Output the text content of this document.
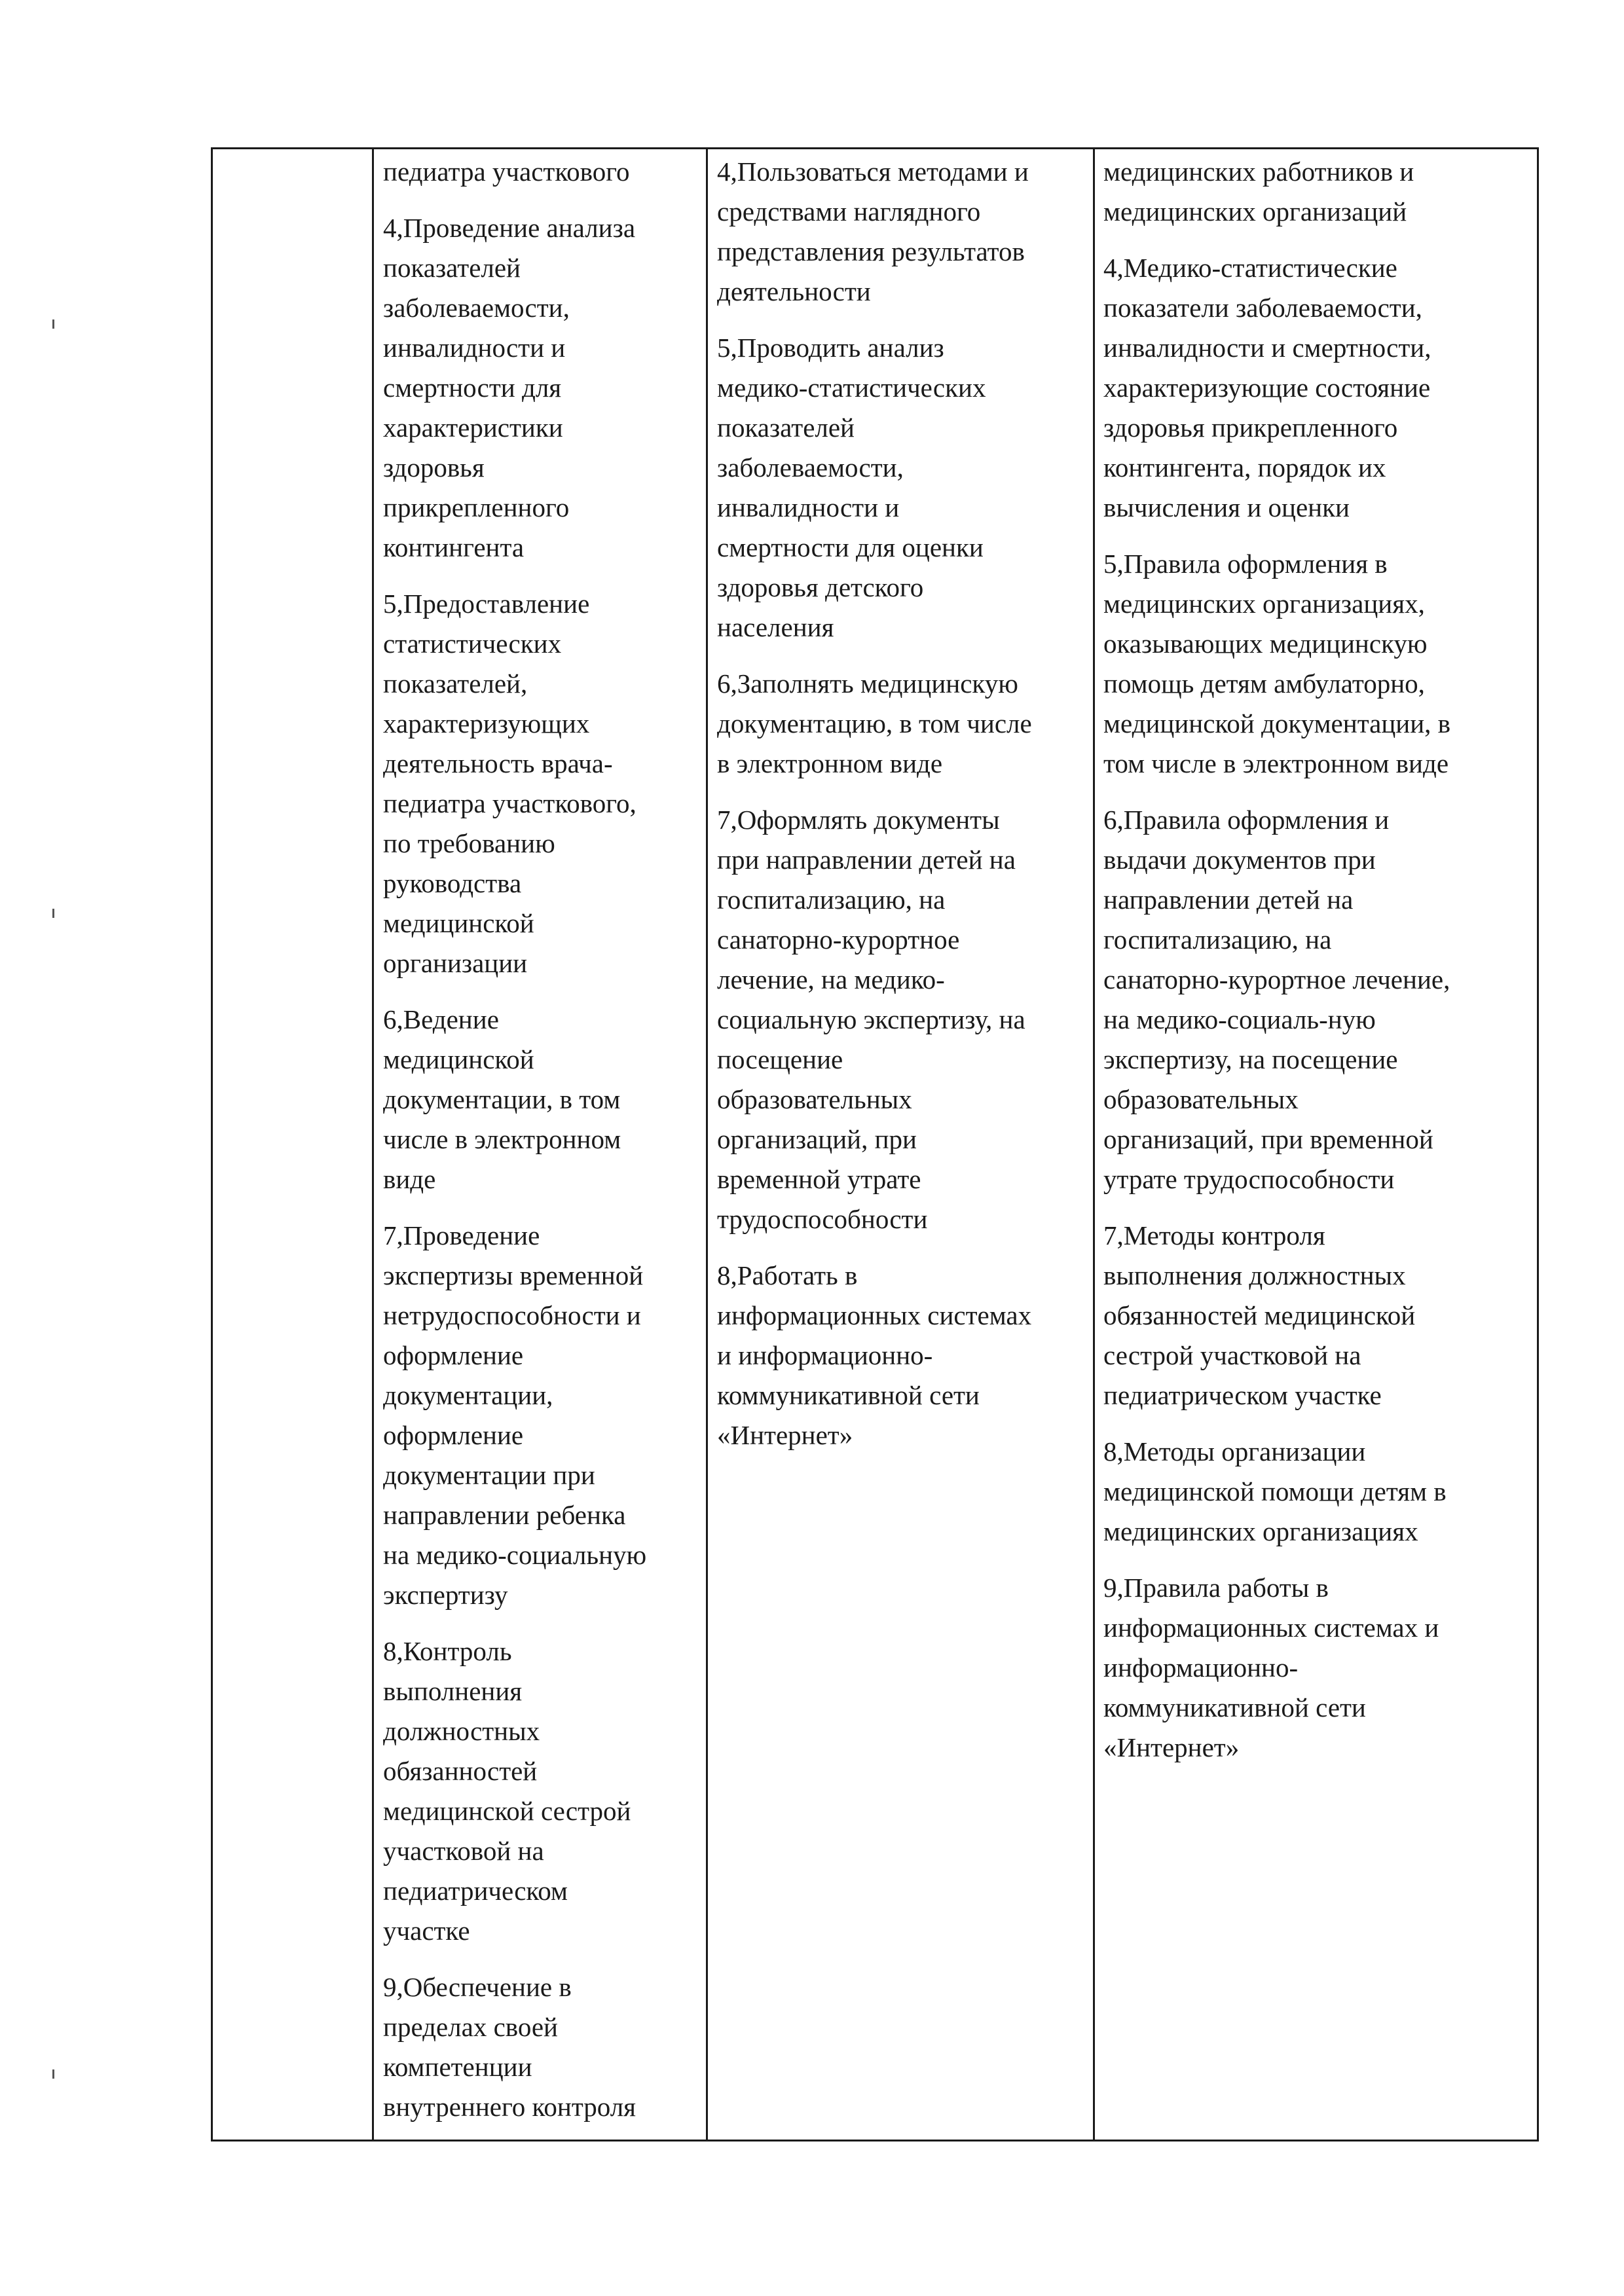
педиатра участкового

4,Проведение анализа
показателей
заболеваемости,
инвалидности и
смертности для
характеристики
здоровья
прикрепленного
контингента

5,Предоставление
статистических
показателей,
характеризующих
деятельность врача-
педиатра участкового,
по требованию
руководства
медицинской
организации

6,Ведение
медицинской
документации, в том
числе в электронном
виде

7,Проведение
экспертизы временной
нетрудоспособности и
оформление
документации,
оформление
документации при
направлении ребенка
на медико-социальную
экспертизу

8,Контроль
выполнения
должностных
обязанностей
медицинской сестрой
участковой на
педиатрическом
участке

9,Обеспечение в
пределах своей
компетенции
внутреннего контроля

4,Пользоваться методами и
средствами наглядного
представления результатов
деятельности

5,Проводить анализ
медико-статистических
показателей
заболеваемости,
инвалидности и
смертности для оценки
здоровья детского
населения

6,Заполнять медицинскую
документацию, в том числе
в электронном виде

7,Оформлять документы
при направлении детей на
госпитализацию, на
санаторно-курортное
лечение, на медико-
социальную экспертизу, на
посещение
образовательных
организаций, при
временной утрате
трудоспособности

8,Работать в
информационных системах
и информационно-
коммуникативной сети
«Интернет»

медицинских работников и
медицинских организаций

4,Медико-статистические
показатели заболеваемости,
инвалидности и смертности,
характеризующие состояние
здоровья прикрепленного
контингента, порядок их
вычисления и оценки

5,Правила оформления в
медицинских организациях,
оказывающих медицинскую
помощь детям амбулаторно,
медицинской документации, в
том числе в электронном виде

6,Правила оформления и
выдачи документов при
направлении детей на
госпитализацию, на
санаторно-курортное лечение,
на медико-социаль-ную
экспертизу, на посещение
образовательных
организаций, при временной
утрате трудоспособности

7,Методы контроля
выполнения должностных
обязанностей медицинской
сестрой участковой на
педиатрическом участке

8,Методы организации
медицинской помощи детям в
медицинских организациях

9,Правила работы в
информационных системах и
информационно-
коммуникативной сети
«Интернет»
